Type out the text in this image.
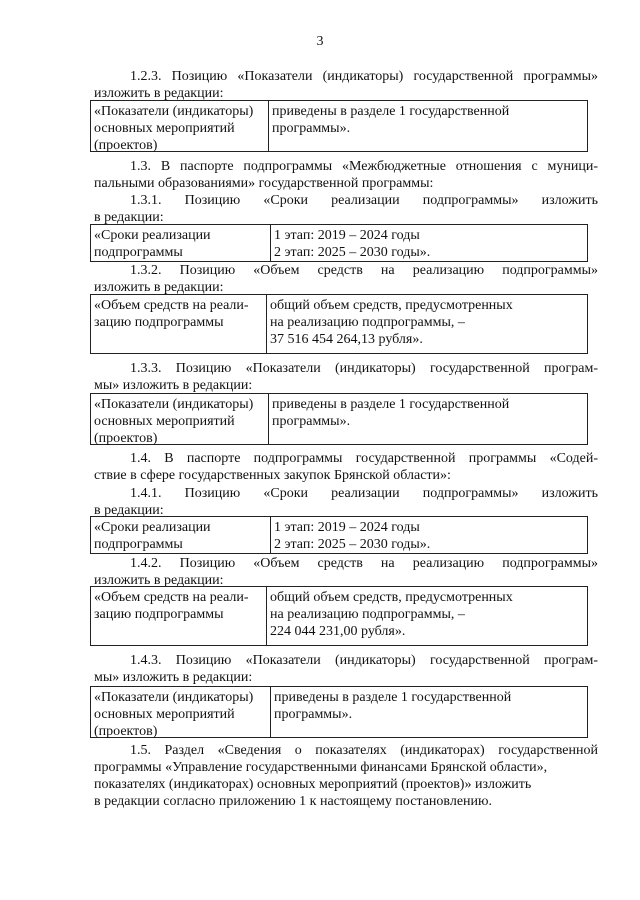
3
1.2.3. Позицию «Показатели (индикаторы) государственной программы»
изложить в редакции:
«Показатели (индикаторы)
основных мероприятий
(проектов)
приведены в разделе 1 государственной
программы».
1.3. В паспорте подпрограммы «Межбюджетные отношения с муници-
пальными образованиями» государственной программы:
1.3.1. Позицию «Сроки реализации подпрограммы» изложить
в редакции:
«Сроки реализации
подпрограммы
1 этап: 2019 – 2024 годы
2 этап: 2025 – 2030 годы».
1.3.2. Позицию «Объем средств на реализацию подпрограммы»
изложить в редакции:
«Объем средств на реали-
зацию подпрограммы
общий объем средств, предусмотренных
на реализацию подпрограммы, –
37 516 454 264,13 рубля».
1.3.3. Позицию «Показатели (индикаторы) государственной програм-
мы» изложить в редакции:
«Показатели (индикаторы)
основных мероприятий
(проектов)
приведены в разделе 1 государственной
программы».
1.4. В паспорте подпрограммы государственной программы «Содей-
ствие в сфере государственных закупок Брянской области»:
1.4.1. Позицию «Сроки реализации подпрограммы» изложить
в редакции:
«Сроки реализации
подпрограммы
1 этап: 2019 – 2024 годы
2 этап: 2025 – 2030 годы».
1.4.2. Позицию «Объем средств на реализацию подпрограммы»
изложить в редакции:
«Объем средств на реали-
зацию подпрограммы
общий объем средств, предусмотренных
на реализацию подпрограммы, –
224 044 231,00 рубля».
1.4.3. Позицию «Показатели (индикаторы) государственной програм-
мы» изложить в редакции:
«Показатели (индикаторы)
основных мероприятий
(проектов)
приведены в разделе 1 государственной
программы».
1.5. Раздел «Сведения о показателях (индикаторах) государственной
программы «Управление государственными финансами Брянской области»,
показателях (индикаторах) основных мероприятий (проектов)» изложить
в редакции согласно приложению 1 к настоящему постановлению.
